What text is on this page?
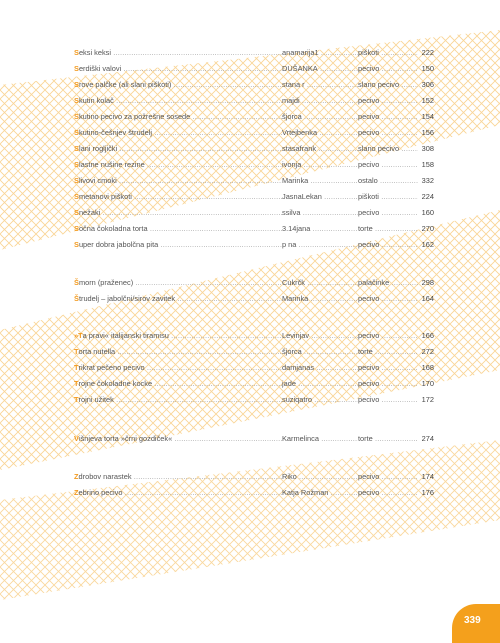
Seksi keksi .....	anamarija1 .....	piškoti .....	222
Serdiški valovi .....	DUŠANKA .....	pecivo .....	150
Srove palčke (ali slani piškoti) .....	stana r .....	slano pecivo .....	306
Skutin kolač .....	majdi .....	pecivo .....	152
Skutino pecivo za požrešne sosede .....	šjorca .....	pecivo .....	154
Skutino-češnjev štrudelj .....	Vrtejbenka .....	pecivo .....	156
Slani rogljički .....	stasafrank .....	slano pecivo .....	308
Slastne nušine rezine .....	ivonja .....	pecivo .....	158
Slivovi cmoki .....	Marinka .....	ostalo .....	332
Smetanovi piškoti .....	JasnaLekan .....	piškoti .....	224
Snežaki .....	ssilva .....	pecivo .....	160
Sočna čokoladna torta .....	3.14jana .....	torte .....	270
Super dobra jabolčna pita .....	p na .....	pecivo .....	162
Šmorn (praženec) .....	Cukrčk .....	palačinke .....	298
Štrudelj – jabolčni/sirov zavitek .....	Marinka .....	pecivo .....	164
»Ta pravi« italijanski tiramisu .....	Levinjav .....	pecivo .....	166
Torta nutella .....	šjorca .....	torte .....	272
Trikrat pečeno pecivo .....	damjanas .....	pecivo .....	168
Trojne čokoladne kocke .....	jade .....	pecivo .....	170
Trojni užitek .....	suziqatro .....	pecivo .....	172
Višnjeva torta »črni gozdiček« .....	Karmelinca .....	torte .....	274
Zdrobov narastek .....	Riko .....	pecivo .....	174
Zebrino pecivo .....	Katja Rožman .....	pecivo .....	176
339
